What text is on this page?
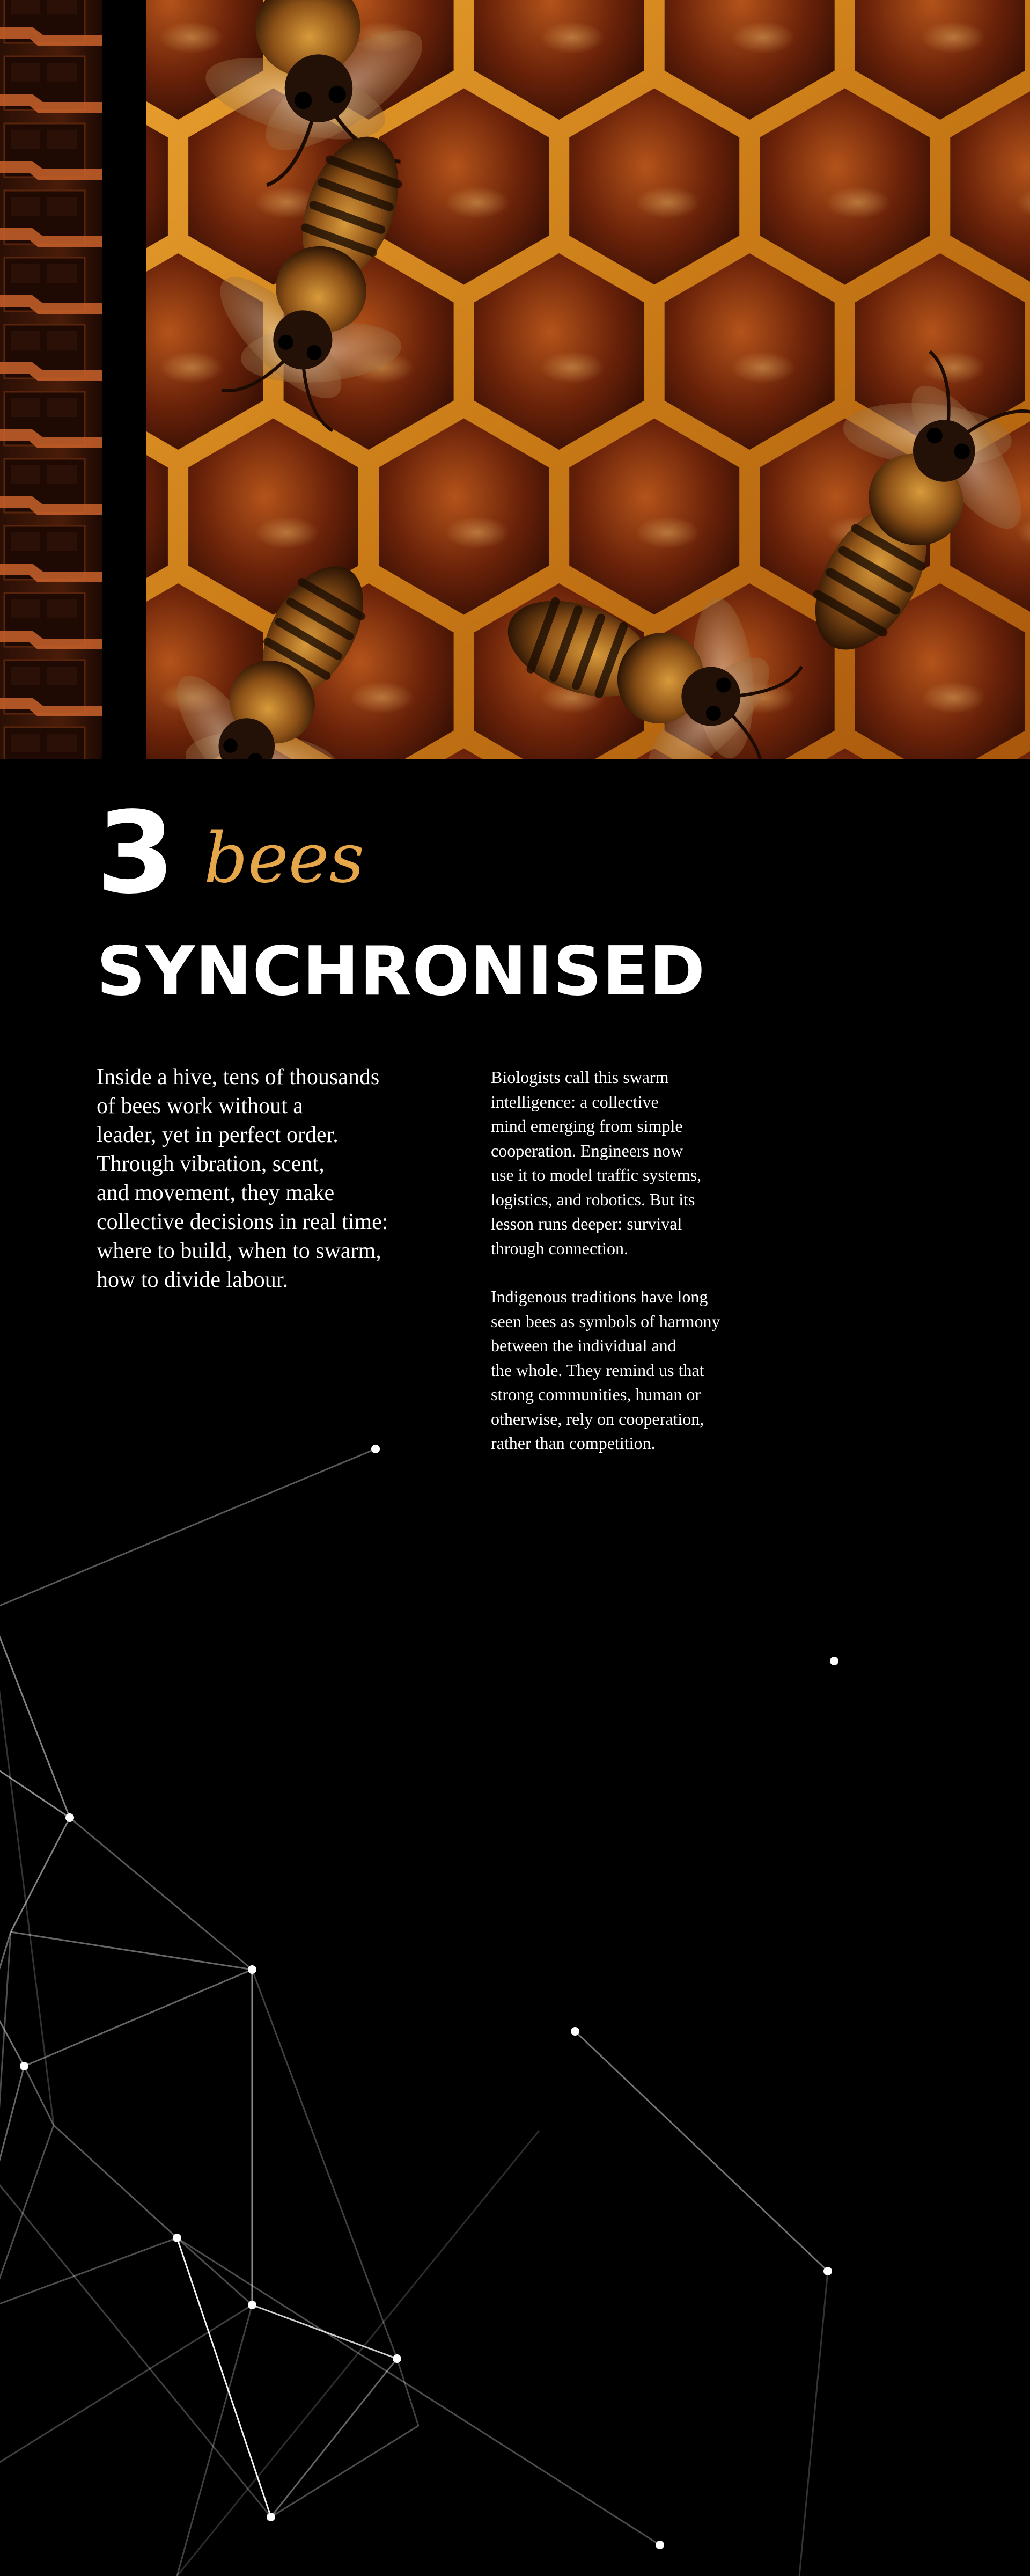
3 bees
SYNCHRONISED

Inside a hive, tens of thousands
of bees work without a
leader, yet in perfect order.
Through vibration, scent,
and movement, they make
collective decisions in real time:
where to build, when to swarm,
how to divide labour.

Biologists call this swarm
intelligence: a collective
mind emerging from simple
cooperation. Engineers now
use it to model traffic systems,
logistics, and robotics. But its
lesson runs deeper: survival
through connection.

Indigenous traditions have long
seen bees as symbols of harmony
between the individual and
the whole. They remind us that
strong communities, human or
otherwise, rely on cooperation,
rather than competition.
